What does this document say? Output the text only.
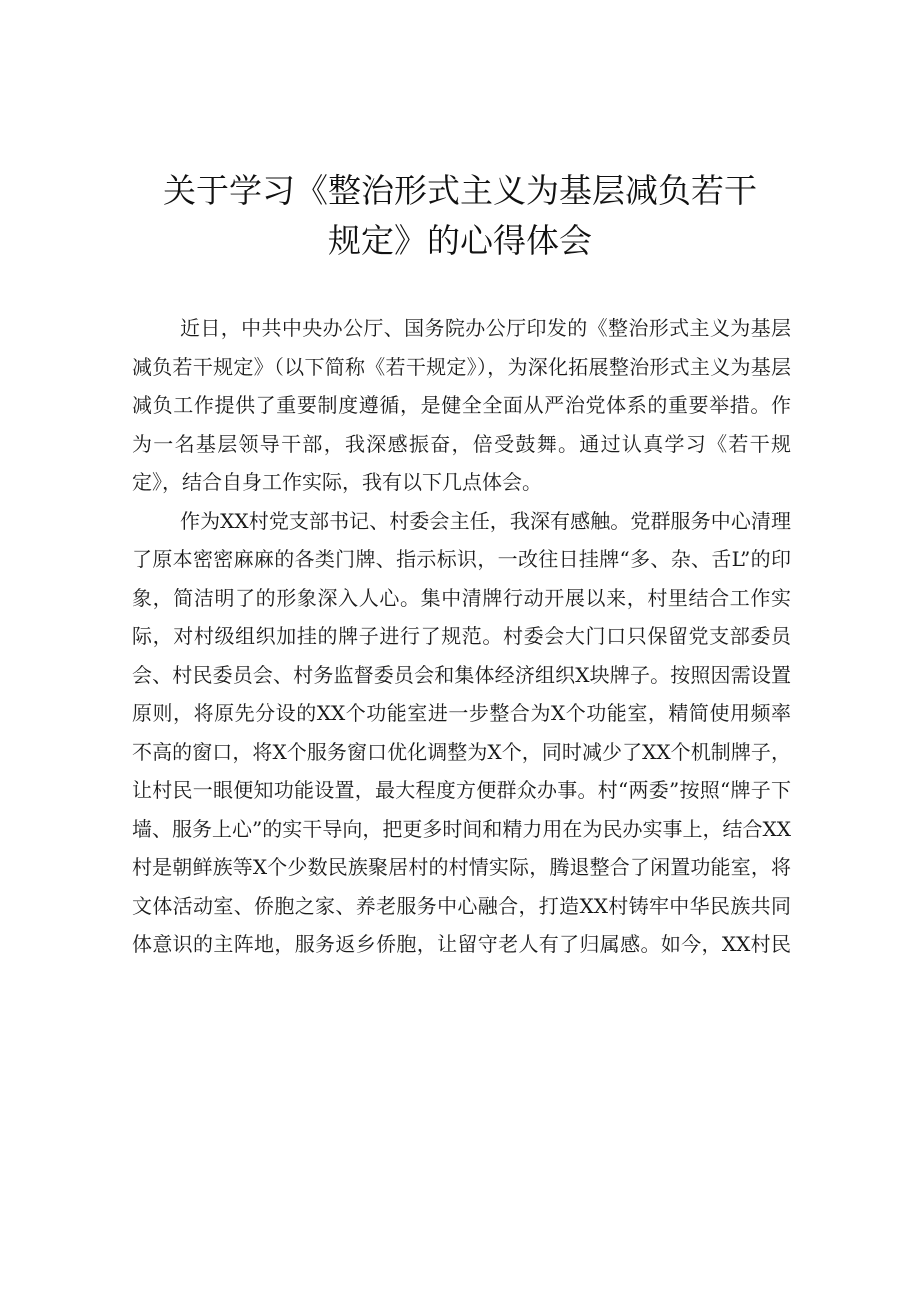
关于学习《整治形式主义为基层减负若干
规定》的心得体会

近日，中共中央办公厅、国务院办公厅印发的《整治形式主义为基层减负若干规定》（以下简称《若干规定》），为深化拓展整治形式主义为基层减负工作提供了重要制度遵循，是健全全面从严治党体系的重要举措。作为一名基层领导干部，我深感振奋，倍受鼓舞。通过认真学习《若干规定》，结合自身工作实际，我有以下几点体会。

作为XX村党支部书记、村委会主任，我深有感触。党群服务中心清理了原本密密麻麻的各类门牌、指示标识，一改往日挂牌“多、杂、舌L”的印象，简洁明了的形象深入人心。集中清牌行动开展以来，村里结合工作实际，对村级组织加挂的牌子进行了规范。村委会大门口只保留党支部委员会、村民委员会、村务监督委员会和集体经济组织X块牌子。按照因需设置原则，将原先分设的XX个功能室进一步整合为X个功能室，精简使用频率不高的窗口，将X个服务窗口优化调整为X个，同时减少了XX个机制牌子，让村民一眼便知功能设置，最大程度方便群众办事。村“两委”按照“牌子下墙、服务上心”的实干导向，把更多时间和精力用在为民办实事上，结合XX村是朝鲜族等X个少数民族聚居村的村情实际，腾退整合了闲置功能室，将文体活动室、侨胞之家、养老服务中心融合，打造XX村铸牢中华民族共同体意识的主阵地，服务返乡侨胞，让留守老人有了归属感。如今，XX村民
